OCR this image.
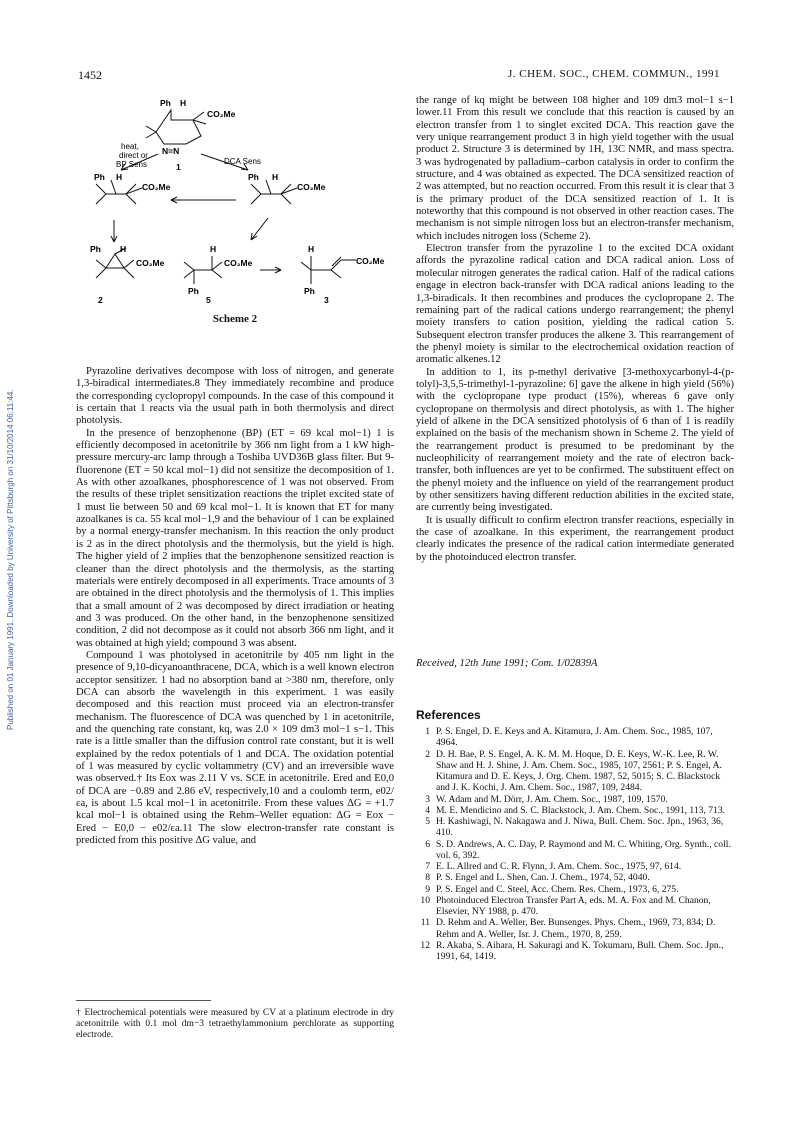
1452	J. CHEM. SOC., CHEM. COMMUN., 1991
Published on 01 January 1991. Downloaded by University of Pittsburgh on 31/10/2014 06:11:44.
Ph H
CO₂Me
N=N
heat,
direct or
BP Sens	1
DCA Sens
Ph H
CO₂Me
Ph H
CO₂Me
Ph H
CO₂Me
H
CO₂Me
Ph
H
CO₂Me
Ph
2	5	3
Scheme 2

Pyrazoline derivatives decompose with loss of nitrogen, and generate 1,3-biradical intermediates.8 They immediately recombine and produce the corresponding cyclopropyl compounds. In the case of this compound it is certain that 1 reacts via the usual path in both thermolysis and direct photolysis.

In the presence of benzophenone (BP) (ET = 69 kcal mol−1) 1 is efficiently decomposed in acetonitrile by 366 nm light from a 1 kW high-pressure mercury-arc lamp through a Toshiba UVD36B glass filter. But 9-fluorenone (ET = 50 kcal mol−1) did not sensitize the decomposition of 1. As with other azoalkanes, phosphorescence of 1 was not observed. From the results of these triplet sensitization reactions the triplet excited state of 1 must lie between 50 and 69 kcal mol−1. It is known that ET for many azoalkanes is ca. 55 kcal mol−1,9 and the behaviour of 1 can be explained by a normal energy-transfer mechanism. In this reaction the only product is 2 as in the direct photolysis and the thermolysis, but the yield is high. The higher yield of 2 implies that the benzophenone sensitized reaction is cleaner than the direct photolysis and the thermolysis, as the starting materials were entirely decomposed in all experiments. Trace amounts of 3 are obtained in the direct photolysis and the thermolysis of 1. This implies that a small amount of 2 was decomposed by direct irradiation or heating and 3 was produced. On the other hand, in the benzophenone sensitized condition, 2 did not decompose as it could not absorb 366 nm light, and it was obtained at high yield; compound 3 was absent.

Compound 1 was photolysed in acetonitrile by 405 nm light in the presence of 9,10-dicyanoanthracene, DCA, which is a well known electron acceptor sensitizer. 1 had no absorption band at >380 nm, therefore, only DCA can absorb the wavelength in this experiment. 1 was easily decomposed and this reaction must proceed via an electron-transfer mechanism. The fluorescence of DCA was quenched by 1 in acetonitrile, and the quenching rate constant, kq, was 2.0 × 109 dm3 mol−1 s−1. This rate is a little smaller than the diffusion control rate constant, but it is well explained by the redox potentials of 1 and DCA. The oxidation potential of 1 was measured by cyclic voltammetry (CV) and an irreversible wave was observed.† Its Eox was 2.11 V vs. SCE in acetonitrile. Ered and E0,0 of DCA are −0.89 and 2.86 eV, respectively,10 and a coulomb term, e02/εa, is about 1.5 kcal mol−1 in acetonitrile. From these values ΔG = +1.7 kcal mol−1 is obtained using the Rehm–Weller equation: ΔG = Eox − Ered − E0,0 − e02/εa.11 The slow electron-transfer rate constant is predicted from this positive ΔG value, and

† Electrochemical potentials were measured by CV at a platinum electrode in dry acetonitrile with 0.1 mol dm−3 tetraethylammonium perchlorate as supporting electrode.

the range of kq might be between 108 higher and 109 dm3 mol−1 s−1 lower.11 From this result we conclude that this reaction is caused by an electron transfer from 1 to singlet excited DCA. This reaction gave the very unique rearrangement product 3 in high yield together with the usual product 2. Structure 3 is determined by 1H, 13C NMR, and mass spectra. 3 was hydrogenated by palladium–carbon catalysis in order to confirm the structure, and 4 was obtained as expected. The DCA sensitized reaction of 2 was attempted, but no reaction occurred. From this result it is clear that 3 is the primary product of the DCA sensitized reaction of 1. It is noteworthy that this compound is not observed in other reaction cases. The mechanism is not simple nitrogen loss but an electron-transfer mechanism, which includes nitrogen loss (Scheme 2).

Electron transfer from the pyrazoline 1 to the excited DCA oxidant affords the pyrazoline radical cation and DCA radical anion. Loss of molecular nitrogen generates the radical cation. Half of the radical cations engage in electron back-transfer with DCA radical anions leading to the 1,3-biradicals. It then recombines and produces the cyclopropane 2. The remaining part of the radical cations undergo rearrangement; the phenyl moiety transfers to cation position, yielding the radical cation 5. Subsequent electron transfer produces the alkene 3. This rearrangement of the phenyl moiety is similar to the electrochemical oxidation reaction of aromatic alkenes.12

In addition to 1, its p-methyl derivative [3-methoxycarbonyl-4-(p-tolyl)-3,5,5-trimethyl-1-pyrazoline: 6] gave the alkene in high yield (56%) with the cyclopropane type product (15%), whereas 6 gave only cyclopropane on thermolysis and direct photolysis, as with 1. The higher yield of alkene in the DCA sensitized photolysis of 6 than of 1 is readily explained on the basis of the mechanism shown in Scheme 2. The yield of the rearrangement product is presumed to be predominant by the nucleophilicity of rearrangement moiety and the rate of electron back-transfer, both influences are yet to be confirmed. The substituent effect on the phenyl moiety and the influence on yield of the rearrangement product by other sensitizers having different reduction abilities in the excited state, are currently being investigated.

It is usually difficult to confirm electron transfer reactions, especially in the case of azoalkane. In this experiment, the rearrangement product clearly indicates the presence of the radical cation intermediate generated by the photoinduced electron transfer.

Received, 12th June 1991; Com. 1/02839A
References

1 P. S. Engel, D. E. Keys and A. Kitamura, J. Am. Chem. Soc., 1985, 107, 4964.

2 D. H. Bae, P. S. Engel, A. K. M. M. Hoque, D. E. Keys, W.-K. Lee, R. W. Shaw and H. J. Shine, J. Am. Chem. Soc., 1985, 107, 2561; P. S. Engel, A. Kitamura and D. E. Keys, J. Org. Chem. 1987, 52, 5015; S. C. Blackstock and J. K. Kochi, J. Am. Chem. Soc., 1987, 109, 2484.

3 W. Adam and M. Dörr, J. Am. Chem. Soc., 1987, 109, 1570.

4 M. E. Mendicino and S. C. Blackstock, J. Am. Chem. Soc., 1991, 113, 713.

5 H. Kashiwagi, N. Nakagawa and J. Niwa, Bull. Chem. Soc. Jpn., 1963, 36, 410.

6 S. D. Andrews, A. C. Day, P. Raymond and M. C. Whiting, Org. Synth., coll. vol. 6, 392.

7 E. L. Allred and C. R. Flynn, J. Am. Chem. Soc., 1975, 97, 614.

8 P. S. Engel and L. Shen, Can. J. Chem., 1974, 52, 4040.

9 P. S. Engel and C. Steel, Acc. Chem. Res. Chem., 1973, 6, 275.

10 Photoinduced Electron Transfer Part A, eds. M. A. Fox and M. Chanon, Elsevier, NY 1988, p. 470.

11 D. Rehm and A. Weller, Ber. Bunsenges. Phys. Chem., 1969, 73, 834; D. Rehm and A. Weller, Isr. J. Chem., 1970, 8, 259.

12 R. Akaba, S. Aihara, H. Sakuragi and K. Tokumaru, Bull. Chem. Soc. Jpn., 1991, 64, 1419.
